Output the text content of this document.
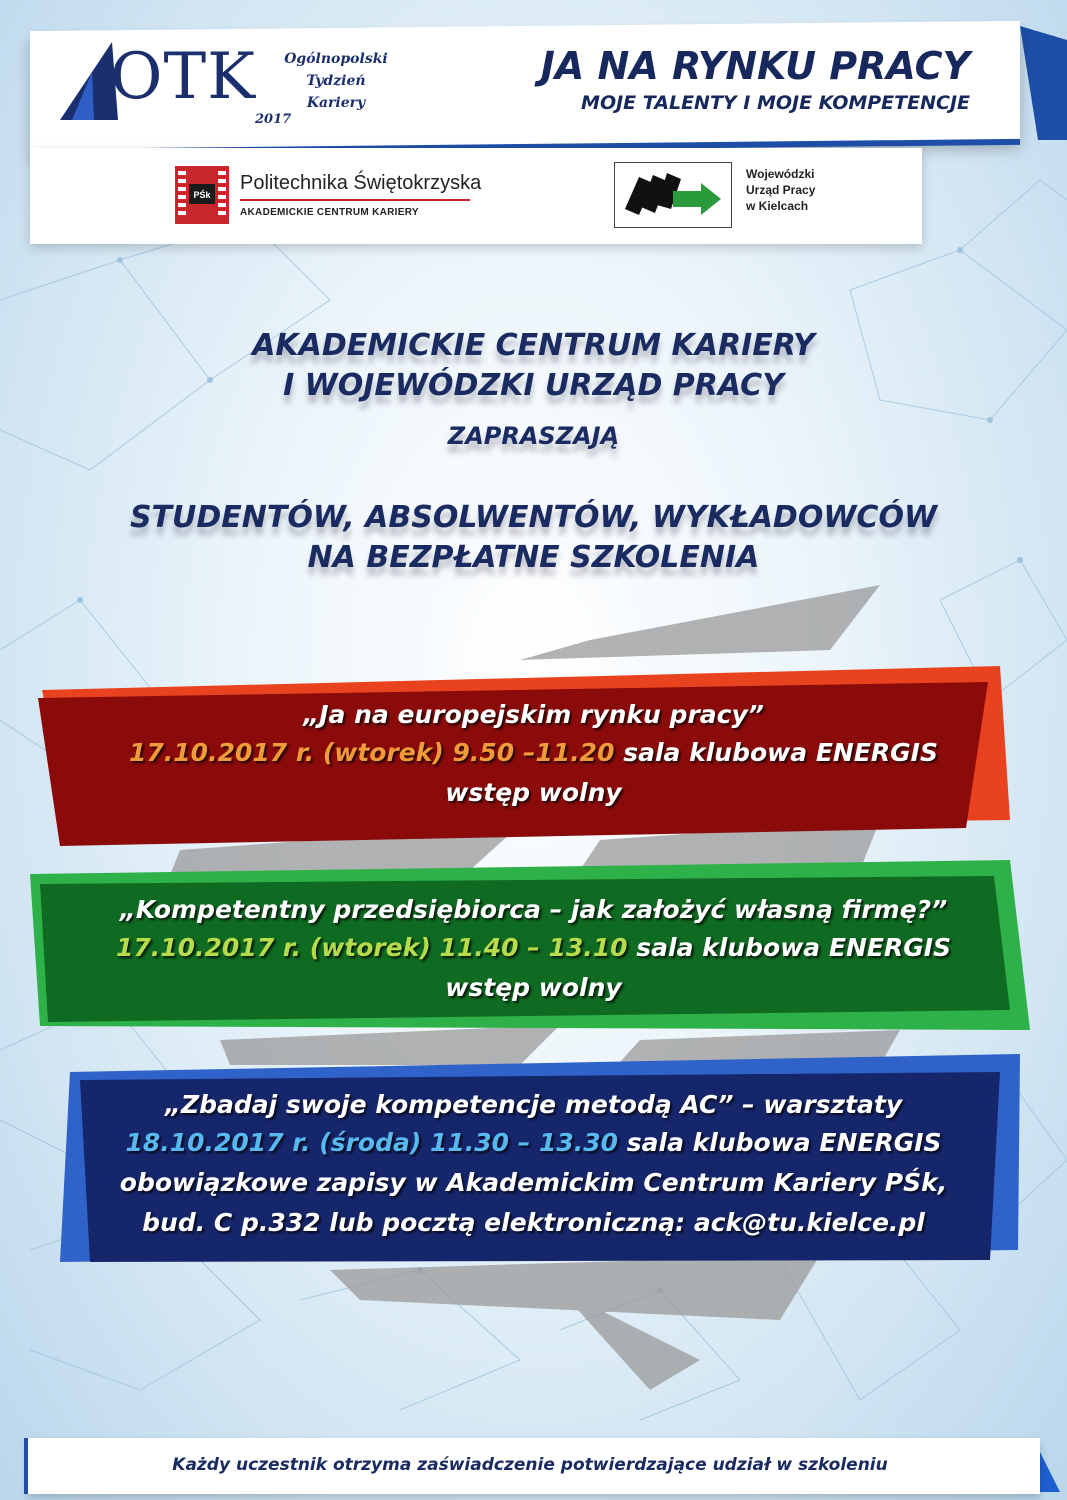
OTK	Ogólnopolski
Tydzień
Kariery
2017
JA NA RYNKU PRACY
MOJE TALENTY I MOJE KOMPETENCJE
PŚk
Politechnika Świętokrzyska
AKADEMICKIE CENTRUM KARIERY
Wojewódzki
Urząd Pracy
w Kielcach
AKADEMICKIE CENTRUM KARIERY
I WOJEWÓDZKI URZĄD PRACY
ZAPRASZAJĄ
STUDENTÓW, ABSOLWENTÓW, WYKŁADOWCÓW
NA BEZPŁATNE SZKOLENIA
„Ja na europejskim rynku pracy”
17.10.2017 r. (wtorek) 9.50 –11.20 sala klubowa ENERGIS
wstęp wolny
„Kompetentny przedsiębiorca – jak założyć własną firmę?”
17.10.2017 r. (wtorek) 11.40 – 13.10 sala klubowa ENERGIS
wstęp wolny
„Zbadaj swoje kompetencje metodą AC” – warsztaty
18.10.2017 r. (środa) 11.30 – 13.30 sala klubowa ENERGIS
obowiązkowe zapisy w Akademickim Centrum Kariery PŚk,
bud. C p.332 lub pocztą elektroniczną: ack@tu.kielce.pl
Każdy uczestnik otrzyma zaświadczenie potwierdzające udział w szkoleniu
